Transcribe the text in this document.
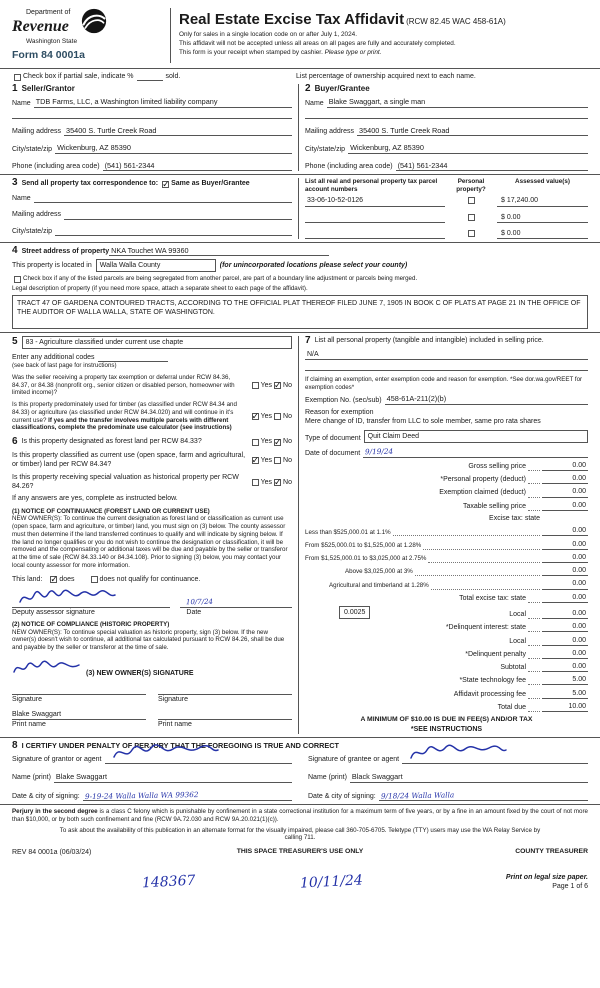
Department of
Revenue
Washington State
Form 84 0001a
Real Estate Excise Tax Affidavit (RCW 82.45 WAC 458-61A)
Only for sales in a single location code on or after July 1, 2024.
This affidavit will not be accepted unless all areas on all pages are fully and accurately completed.
This form is your receipt when stamped by cashier. Please type or print.
Check box if partial sale, indicate %	sold.	List percentage of ownership acquired next to each name.
1 Seller/Grantor
Name TDB Farms, LLC, a Washington limited liability company
Mailing address 35400 S. Turtle Creek Road
City/state/zip Wickenburg, AZ 85390
Phone (including area code) (541) 561-2344
2 Buyer/Grantee
Name Blake Swaggart, a single man
Mailing address 35400 S. Turtle Creek Road
City/state/zip Wickenburg, AZ 85390
Phone (including area code) (541) 561-2344
3 Send all property tax correspondence to: ✓ Same as Buyer/Grantee
Name
Mailing address
City/state/zip
List all real and personal property tax parcel account numbers
Personal property?
Assessed value(s)
33-06-10-52-0126	$ 17,240.00
$ 0.00
$ 0.00
4 Street address of property NKA Touchet WA 99360
This property is located in	Walla Walla County	(for unincorporated locations please select your county)
Check box if any of the listed parcels are being segregated from another parcel, are part of a boundary line adjustment or parcels being merged.
Legal description of property (if you need more space, attach a separate sheet to each page of the affidavit).
TRACT 47 OF GARDENA CONTOURED TRACTS, ACCORDING TO THE OFFICIAL PLAT THEREOF FILED JUNE 7, 1905 IN BOOK C OF PLATS AT PAGE 21 IN THE OFFICE OF THE AUDITOR OF WALLA WALLA, STATE OF WASHINGTON.
5	83 - Agriculture classified under current use chapte
Enter any additional codes
(see back of last page for instructions)
Was the seller receiving a property tax exemption or deferral under RCW 84.36, 84.37, or 84.38 (nonprofit org., senior citizen or disabled person, homeowner with limited income)?
Yes ✓ No
Is this property predominately used for timber (as classified under RCW 84.34 and 84.33) or agriculture (as classified under RCW 84.34.020) and will continue in it's current use? If yes and the transfer involves multiple parcels with different classifications, complete the predominate use calculator (see instructions)
✓
Yes No
6 Is this property designated as forest land per RCW 84.33?	Yes ✓ No
Is this property classified as current use (open space, farm and agricultural, or timber) land per RCW 84.34?
✓
Yes No
Is this property receiving special valuation as historical property per RCW 84.26?
Yes ✓ No
If any answers are yes, complete as instructed below.
(1) NOTICE OF CONTINUANCE (FOREST LAND OR CURRENT USE)
NEW OWNER(S): To continue the current designation as forest land or classification as current use (open space, farm and agriculture, or timber) land, you must sign on (3) below. The county assessor must then determine if the land transferred continues to qualify and will indicate by signing below. If the land no longer qualifies or you do not wish to continue the designation or classification, it will be removed and the compensating or additional taxes will be due and payable by the seller or transferor at the time of sale (RCW 84.33.140 or 84.34.108). Prior to signing (3) below, you may contact your local county assessor for more information.
This land: ✓ does	does not qualify for continuance.
10/7/24
Deputy assessor signature	Date
(2) NOTICE OF COMPLIANCE (HISTORIC PROPERTY)
NEW OWNER(S): To continue special valuation as historic property, sign (3) below. If the new owner(s) doesn't wish to continue, all additional tax calculated pursuant to RCW 84.26, shall be due and payable by the seller or transferor at the time of sale.
(3) NEW OWNER(S) SIGNATURE
Signature	Signature
Blake Swaggart
Print name	Print name
7 List all personal property (tangible and intangible) included in selling price.
N/A
If claiming an exemption, enter exemption code and reason for exemption. *See dor.wa.gov/REET for exemption codes*
Exemption No. (sec/sub) 458-61A-211(2)(b)
Reason for exemption
Mere change of ID, transfer from LLC to sole member, same pro rata shares
Type of document	Quit Claim Deed
Date of document 9/19/24
Gross selling price	0.00
*Personal property (deduct)	0.00
Exemption claimed (deduct)	0.00
Taxable selling price	0.00
Excise tax: state
Less than $525,000.01 at 1.1%	0.00
From $525,000.01 to $1,525,000 at 1.28%	0.00
From $1,525,000.01 to $3,025,000 at 2.75%	0.00
Above $3,025,000 at 3%	0.00
Agricultural and timberland at 1.28%	0.00
Total excise tax: state	0.00
0.0025	Local	0.00
*Delinquent interest: state	0.00
Local	0.00
*Delinquent penalty	0.00
Subtotal	0.00
*State technology fee	5.00
Affidavit processing fee	5.00
Total due	10.00
A MINIMUM OF $10.00 IS DUE IN FEE(S) AND/OR TAX
*SEE INSTRUCTIONS
8 I CERTIFY UNDER PENALTY OF PERJURY THAT THE FOREGOING IS TRUE AND CORRECT
Signature of grantor or agent
Name (print) Blake Swaggart
Date & city of signing: 9-19-24 Walla Walla WA 99362
Signature of grantee or agent
Name (print) Black Swaggart
Date & city of signing: 9/18/24 Walla Walla
Perjury in the second degree is a class C felony which is punishable by confinement in a state correctional institution for a maximum term of five years, or by a fine in an amount fixed by the court of not more than $10,000, or by both such confinement and fine (RCW 9A.72.030 and RCW 9A.20.021(1)(c)).
To ask about the availability of this publication in an alternate format for the visually impaired, please call 360-705-6705. Teletype (TTY) users may use the WA Relay Service by calling 711.
REV 84 0001a (06/03/24)	THIS SPACE TREASURER'S USE ONLY	COUNTY TREASURER
148367	10/11/24	Print on legal size paper.
Page 1 of 6
